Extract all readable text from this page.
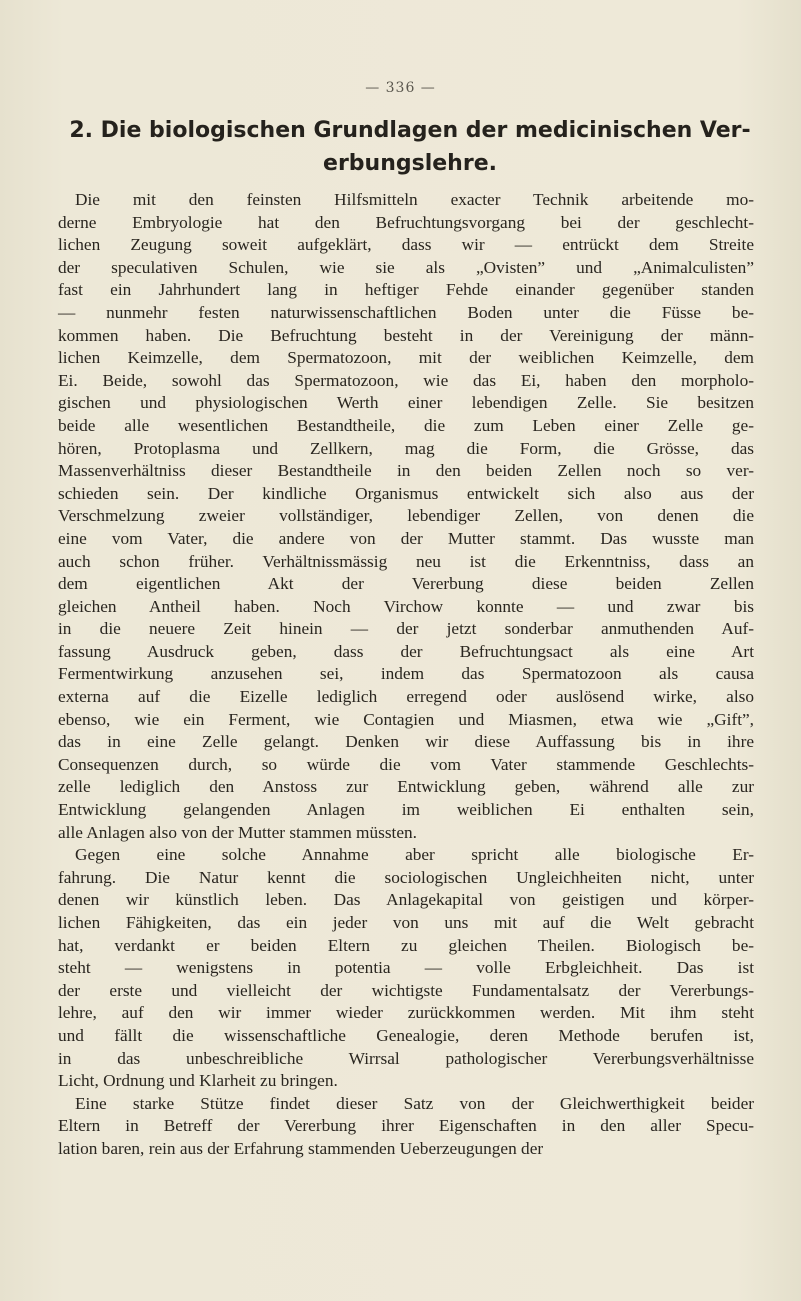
— 336 —
2. Die biologischen Grundlagen der medicinischen Ver-
erbungslehre.
Die mit den feinsten Hilfsmitteln exacter Technik arbeitende mo-
derne Embryologie hat den Befruchtungsvorgang bei der geschlecht-
lichen Zeugung soweit aufgeklärt, dass wir — entrückt dem Streite
der speculativen Schulen, wie sie als „Ovisten” und „Animalculisten”
fast ein Jahrhundert lang in heftiger Fehde einander gegenüber standen
— nunmehr festen naturwissenschaftlichen Boden unter die Füsse be-
kommen haben. Die Befruchtung besteht in der Vereinigung der männ-
lichen Keimzelle, dem Spermatozoon, mit der weiblichen Keimzelle, dem
Ei. Beide, sowohl das Spermatozoon, wie das Ei, haben den morpholo-
gischen und physiologischen Werth einer lebendigen Zelle. Sie besitzen
beide alle wesentlichen Bestandtheile, die zum Leben einer Zelle ge-
hören, Protoplasma und Zellkern, mag die Form, die Grösse, das
Massenverhältniss dieser Bestandtheile in den beiden Zellen noch so ver-
schieden sein. Der kindliche Organismus entwickelt sich also aus der
Verschmelzung zweier vollständiger, lebendiger Zellen, von denen die
eine vom Vater, die andere von der Mutter stammt. Das wusste man
auch schon früher. Verhältnissmässig neu ist die Erkenntniss, dass an
dem eigentlichen Akt der Vererbung diese beiden Zellen
gleichen Antheil haben. Noch Virchow konnte — und zwar bis
in die neuere Zeit hinein — der jetzt sonderbar anmuthenden Auf-
fassung Ausdruck geben, dass der Befruchtungsact als eine Art
Fermentwirkung anzusehen sei, indem das Spermatozoon als causa
externa auf die Eizelle lediglich erregend oder auslösend wirke, also
ebenso, wie ein Ferment, wie Contagien und Miasmen, etwa wie „Gift”,
das in eine Zelle gelangt. Denken wir diese Auffassung bis in ihre
Consequenzen durch, so würde die vom Vater stammende Geschlechts-
zelle lediglich den Anstoss zur Entwicklung geben, während alle zur
Entwicklung gelangenden Anlagen im weiblichen Ei enthalten sein,
alle Anlagen also von der Mutter stammen müssten.
Gegen eine solche Annahme aber spricht alle biologische Er-
fahrung. Die Natur kennt die sociologischen Ungleichheiten nicht, unter
denen wir künstlich leben. Das Anlagekapital von geistigen und körper-
lichen Fähigkeiten, das ein jeder von uns mit auf die Welt gebracht
hat, verdankt er beiden Eltern zu gleichen Theilen. Biologisch be-
steht — wenigstens in potentia — volle Erbgleichheit. Das ist
der erste und vielleicht der wichtigste Fundamentalsatz der Vererbungs-
lehre, auf den wir immer wieder zurückkommen werden. Mit ihm steht
und fällt die wissenschaftliche Genealogie, deren Methode berufen ist,
in das unbeschreibliche Wirrsal pathologischer Vererbungsverhältnisse
Licht, Ordnung und Klarheit zu bringen.
Eine starke Stütze findet dieser Satz von der Gleichwerthigkeit beider
Eltern in Betreff der Vererbung ihrer Eigenschaften in den aller Specu-
lation baren, rein aus der Erfahrung stammenden Ueberzeugungen der
